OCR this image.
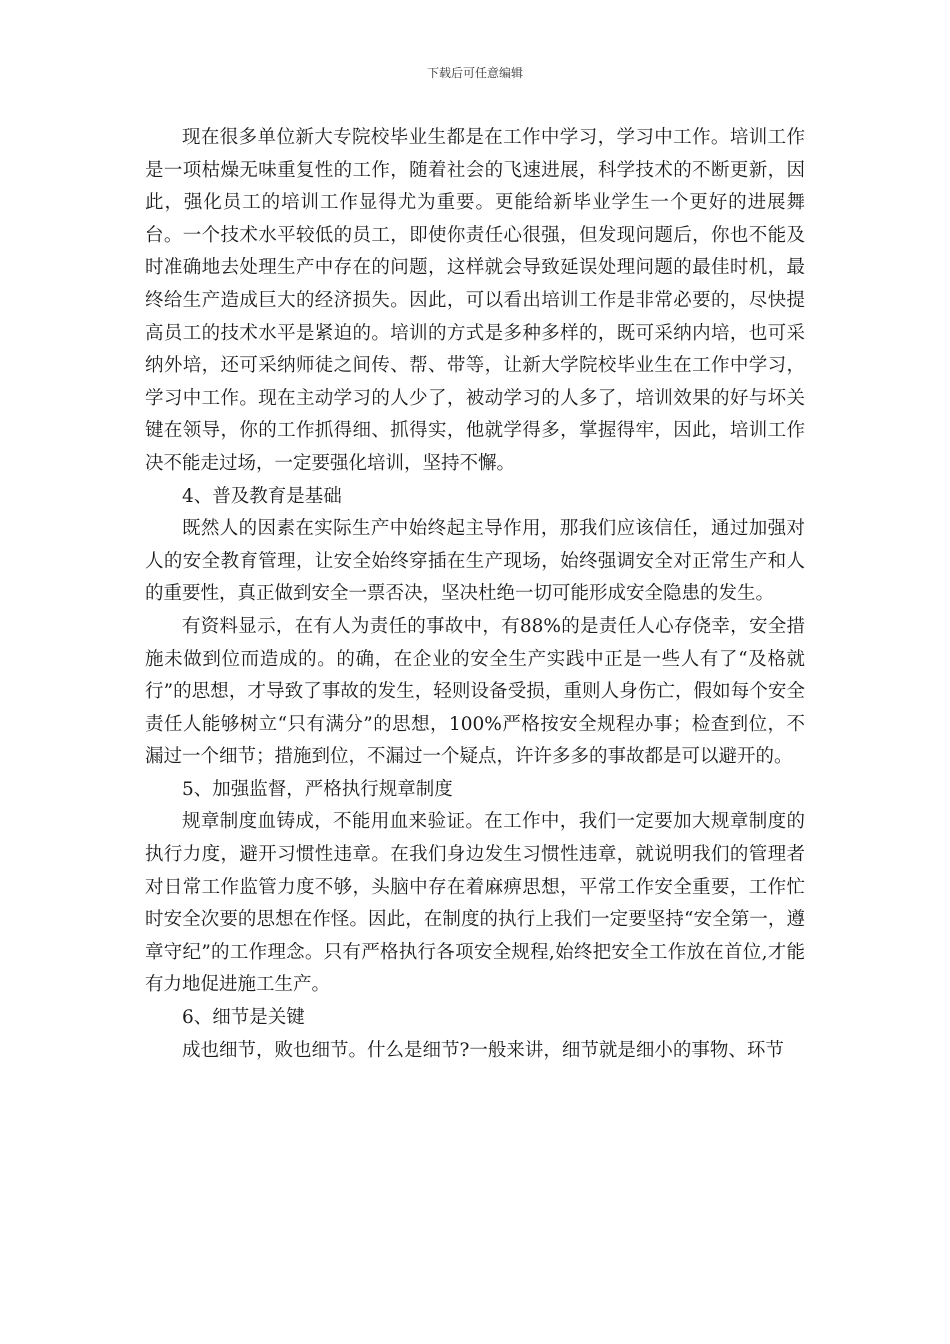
下载后可任意编辑

现在很多单位新大专院校毕业生都是在工作中学习，学习中工作。培训工作是一项枯燥无味重复性的工作，随着社会的飞速进展，科学技术的不断更新，因此，强化员工的培训工作显得尤为重要。更能给新毕业学生一个更好的进展舞台。一个技术水平较低的员工，即使你责任心很强，但发现问题后，你也不能及时准确地去处理生产中存在的问题，这样就会导致延误处理问题的最佳时机，最终给生产造成巨大的经济损失。因此，可以看出培训工作是非常必要的，尽快提高员工的技术水平是紧迫的。培训的方式是多种多样的，既可采纳内培，也可采纳外培，还可采纳师徒之间传、帮、带等，让新大学院校毕业生在工作中学习，学习中工作。现在主动学习的人少了，被动学习的人多了，培训效果的好与坏关键在领导，你的工作抓得细、抓得实，他就学得多，掌握得牢，因此，培训工作决不能走过场，一定要强化培训，坚持不懈。

4、普及教育是基础

既然人的因素在实际生产中始终起主导作用，那我们应该信任，通过加强对人的安全教育管理，让安全始终穿插在生产现场，始终强调安全对正常生产和人的重要性，真正做到安全一票否决，坚决杜绝一切可能形成安全隐患的发生。

有资料显示，在有人为责任的事故中，有88%的是责任人心存侥幸，安全措施未做到位而造成的。的确，在企业的安全生产实践中正是一些人有了“及格就行”的思想，才导致了事故的发生，轻则设备受损，重则人身伤亡，假如每个安全责任人能够树立“只有满分”的思想，100%严格按安全规程办事；检查到位，不漏过一个细节；措施到位，不漏过一个疑点，许许多多的事故都是可以避开的。

5、加强监督，严格执行规章制度

规章制度血铸成，不能用血来验证。在工作中，我们一定要加大规章制度的执行力度，避开习惯性违章。在我们身边发生习惯性违章，就说明我们的管理者对日常工作监管力度不够，头脑中存在着麻痹思想，平常工作安全重要，工作忙时安全次要的思想在作怪。因此，在制度的执行上我们一定要坚持“安全第一，遵章守纪”的工作理念。只有严格执行各项安全规程,始终把安全工作放在首位,才能有力地促进施工生产。

6、细节是关键

成也细节，败也细节。什么是细节?一般来讲，细节就是细小的事物、环节
